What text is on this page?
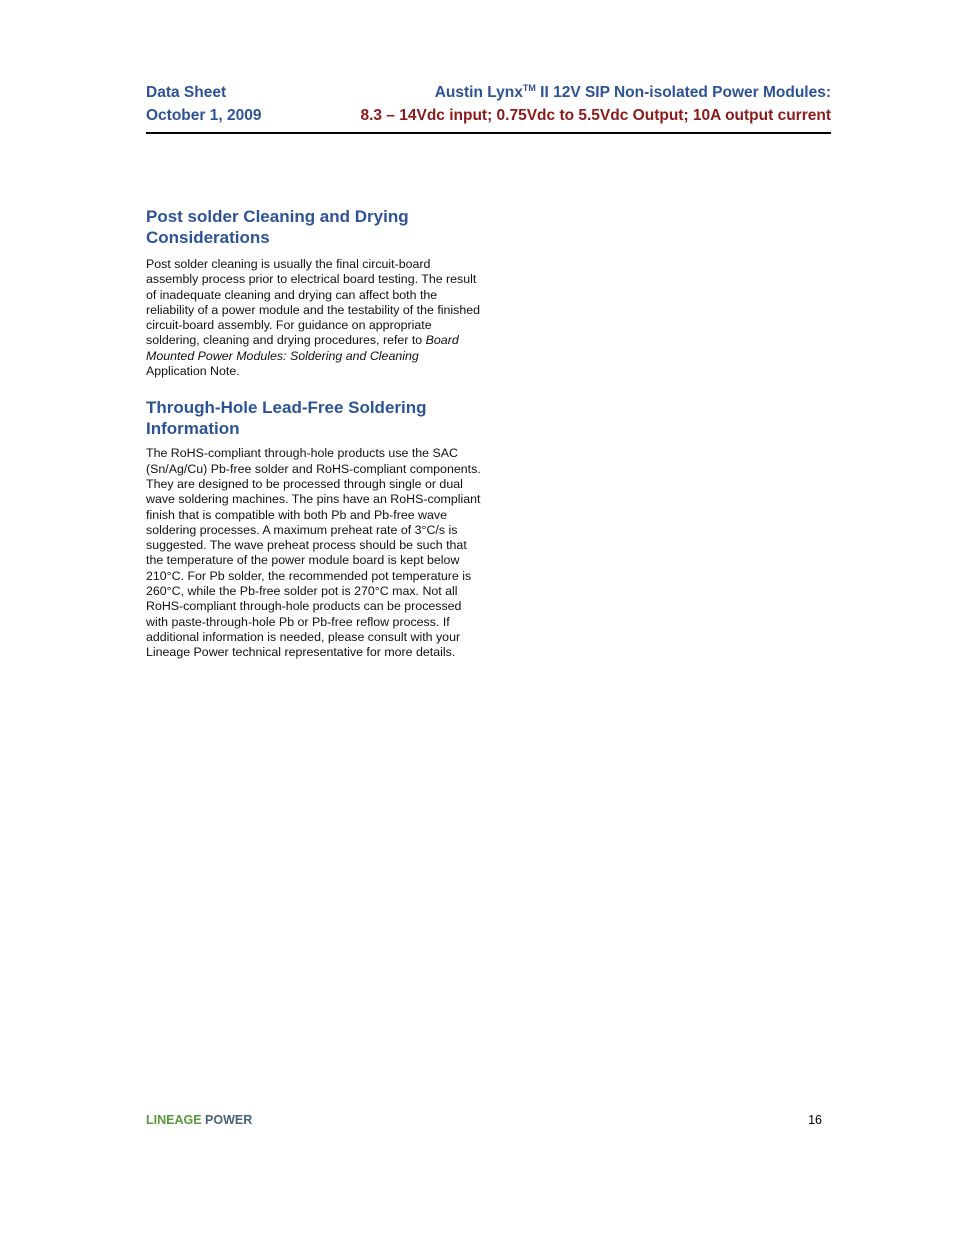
Data Sheet	Austin Lynx™ II 12V SIP Non-isolated Power Modules:
October 1, 2009	8.3 – 14Vdc input; 0.75Vdc to 5.5Vdc Output; 10A output current
Post solder Cleaning and Drying Considerations

Post solder cleaning is usually the final circuit-board assembly process prior to electrical board testing. The result of inadequate cleaning and drying can affect both the reliability of a power module and the testability of the finished circuit-board assembly. For guidance on appropriate soldering, cleaning and drying procedures, refer to Board Mounted Power Modules: Soldering and Cleaning Application Note.

Through-Hole Lead-Free Soldering Information

The RoHS-compliant through-hole products use the SAC (Sn/Ag/Cu) Pb-free solder and RoHS-compliant components. They are designed to be processed through single or dual wave soldering machines. The pins have an RoHS-compliant finish that is compatible with both Pb and Pb-free wave soldering processes. A maximum preheat rate of 3°C/s is suggested. The wave preheat process should be such that the temperature of the power module board is kept below 210°C. For Pb solder, the recommended pot temperature is 260°C, while the Pb-free solder pot is 270°C max. Not all RoHS-compliant through-hole products can be processed with paste-through-hole Pb or Pb-free reflow process. If additional information is needed, please consult with your Lineage Power technical representative for more details.

LINEAGE POWER	16
